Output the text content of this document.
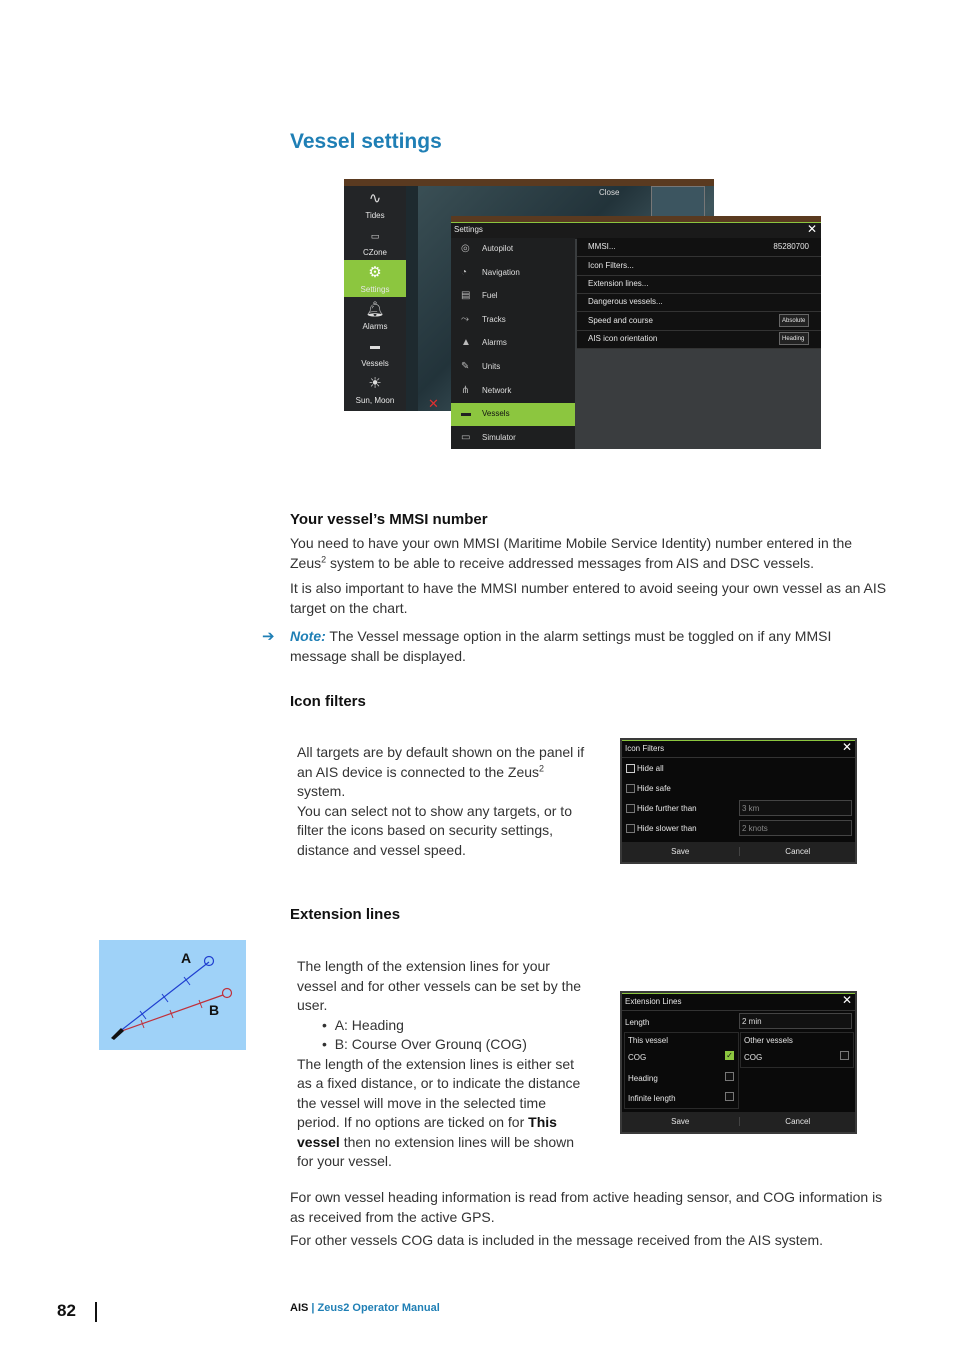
Vessel settings
∿
Tides
▭
CZone
⚙
Settings
🔔︎
Alarms
▬
Vessels
☀
Sun, Moon
Close
✕
Settings	✕
◎ Autopilot
◔ Navigation
▤ Fuel
⤳ Tracks
▲ Alarms
✎ Units
⋔ Network
▬ Vessels
▭ Simulator
MMSI...	85280700
Icon Filters...
Extension lines...
Dangerous vessels...
Speed and course	Absolute
AIS icon orientation	Heading
Your vessel’s MMSI number
You need to have your own MMSI (Maritime Mobile Service Identity) number entered in the
Zeus$^2$ system to be able to receive addressed messages from AIS and DSC vessels.
It is also important to have the MMSI number entered to avoid seeing your own vessel as an AIS target on the chart.
➔ Note: The Vessel message option in the alarm settings must be toggled on if any MMSI message shall be displayed.
Icon filters
All targets are by default shown on the panel if an AIS device is connected to the Zeus$^2$
system.
You can select not to show any targets, or to filter the icons based on security settings, distance and vessel speed.
Icon Filters	✕
Hide all
Hide safe
Hide further than	3 km
Hide slower than	2 knots
Save	Cancel
Extension lines
A
B
The length of the extension lines for your vessel and for other vessels can be set by the user.
•  A: Heading
•  B: Course Over Grounq (COG)
The length of the extension lines is either set as a fixed distance, or to indicate the distance the vessel will move in the selected time period. If no options are ticked on for This vessel then no extension lines will be shown for your vessel.
Extension Lines	✕
Length	2 min
This vessel
COG	✓
Heading
Infinite length
Other vessels
COG
Save	Cancel
For own vessel heading information is read from active heading sensor, and COG information is as received from the active GPS.
For other vessels COG data is included in the message received from the AIS system.
82	AIS | Zeus2 Operator Manual
